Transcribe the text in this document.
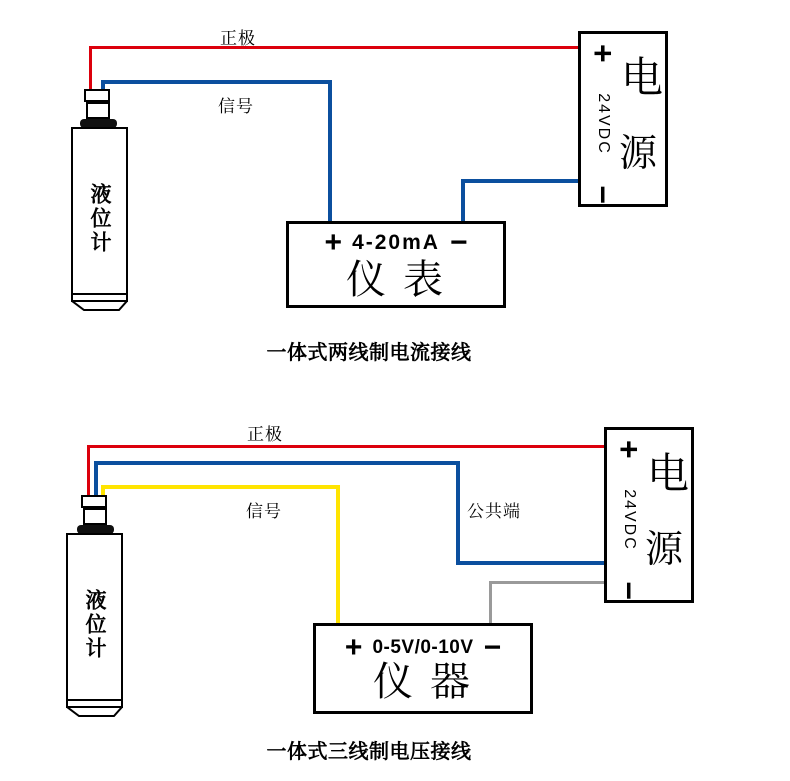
正极
信号
液位计
+
24VDC
−
电
源
+ 4-20mA −
仪 表
一体式两线制电流接线
正极
信号	公共端
液位计
+
24VDC
−
电
源
+ 0-5V/0-10V −
仪 器
一体式三线制电压接线
